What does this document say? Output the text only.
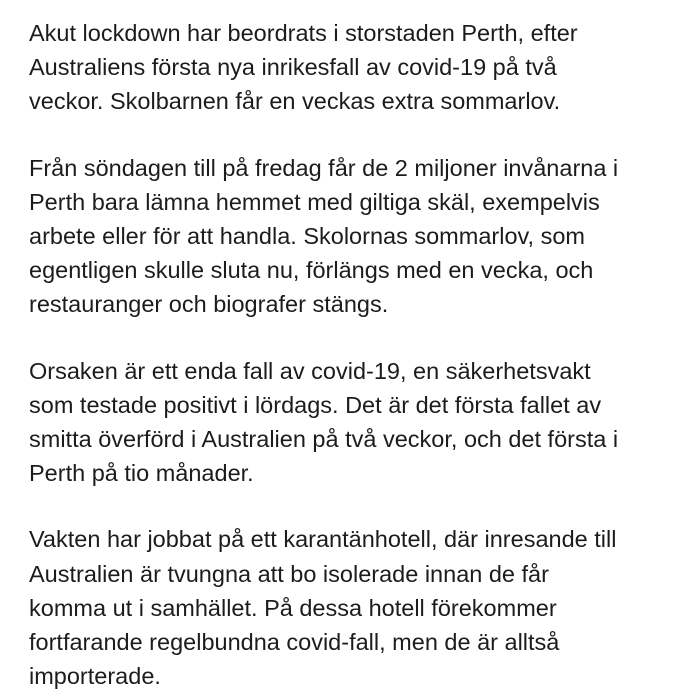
Akut lockdown har beordrats i storstaden Perth, efter
Australiens första nya inrikesfall av covid-19 på två
veckor. Skolbarnen får en veckas extra sommarlov.

Från söndagen till på fredag får de 2 miljoner invånarna i
Perth bara lämna hemmet med giltiga skäl, exempelvis
arbete eller för att handla. Skolornas sommarlov, som
egentligen skulle sluta nu, förlängs med en vecka, och
restauranger och biografer stängs.

Orsaken är ett enda fall av covid-19, en säkerhetsvakt
som testade positivt i lördags. Det är det första fallet av
smitta överförd i Australien på två veckor, och det första i
Perth på tio månader.

Vakten har jobbat på ett karantänhotell, där inresande till
Australien är tvungna att bo isolerade innan de får
komma ut i samhället. På dessa hotell förekommer
fortfarande regelbundna covid-fall, men de är alltså
importerade.
